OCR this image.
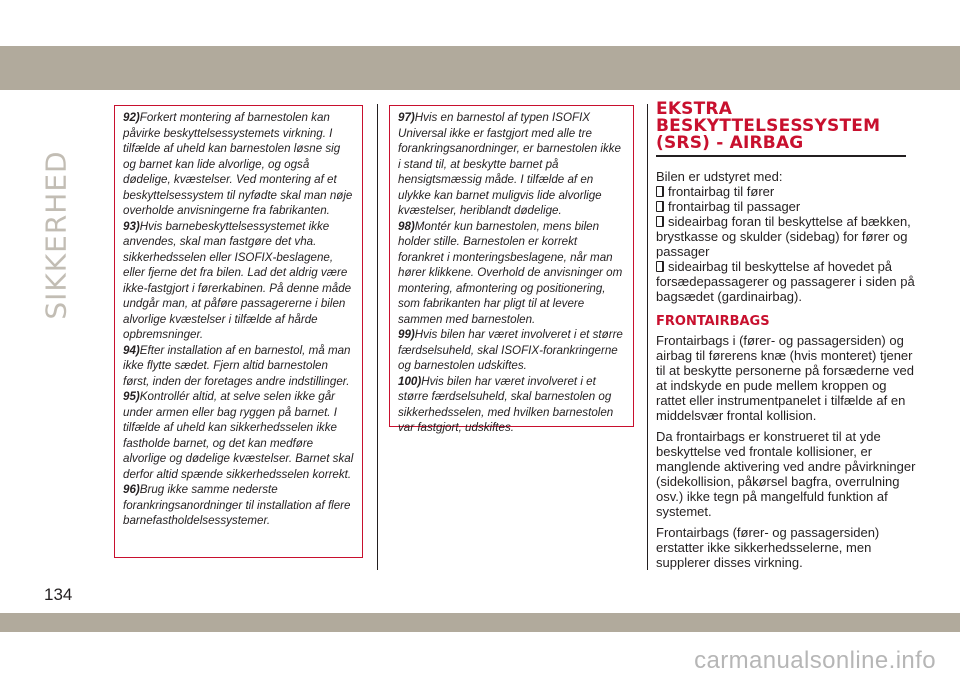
SIKKERHED

92)Forkert montering af barnestolen kan påvirke beskyttelsessystemets virkning. I tilfælde af uheld kan barnestolen løsne sig og barnet kan lide alvorlige, og også dødelige, kvæstelser. Ved montering af et beskyttelsessystem til nyfødte skal man nøje overholde anvisningerne fra fabrikanten.

93)Hvis barnebeskyttelsessystemet ikke anvendes, skal man fastgøre det vha. sikkerhedsselen eller ISOFIX-beslagene, eller fjerne det fra bilen. Lad det aldrig være ikke-fastgjort i førerkabinen. På denne måde undgår man, at påføre passagererne i bilen alvorlige kvæstelser i tilfælde af hårde opbremsninger.

94)Efter installation af en barnestol, må man ikke flytte sædet. Fjern altid barnestolen først, inden der foretages andre indstillinger.

95)Kontrollér altid, at selve selen ikke går under armen eller bag ryggen på barnet. I tilfælde af uheld kan sikkerhedsselen ikke fastholde barnet, og det kan medføre alvorlige og dødelige kvæstelser. Barnet skal derfor altid spænde sikkerhedsselen korrekt.

96)Brug ikke samme nederste forankringsanordninger til installation af flere barnefastholdelsessystemer.

97)Hvis en barnestol af typen ISOFIX Universal ikke er fastgjort med alle tre forankringsanordninger, er barnestolen ikke i stand til, at beskytte barnet på hensigtsmæssig måde. I tilfælde af en ulykke kan barnet muligvis lide alvorlige kvæstelser, heriblandt dødelige.

98)Montér kun barnestolen, mens bilen holder stille. Barnestolen er korrekt forankret i monteringsbeslagene, når man hører klikkene. Overhold de anvisninger om montering, afmontering og positionering, som fabrikanten har pligt til at levere sammen med barnestolen.

99)Hvis bilen har været involveret i et større færdselsuheld, skal ISOFIX-forankringerne og barnestolen udskiftes.

100)Hvis bilen har været involveret i et større færdselsuheld, skal barnestolen og sikkerhedsselen, med hvilken barnestolen var fastgjort, udskiftes.

EKSTRA
BESKYTTELSESSYSTEM
(SRS) - AIRBAG
Bilen er udstyret med:
frontairbag til fører
frontairbag til passager
sideairbag foran til beskyttelse af bækken, brystkasse og skulder (sidebag) for fører og passager
sideairbag til beskyttelse af hovedet på forsædepassagerer og passagerer i siden på bagsædet (gardinairbag).
FRONTAIRBAGS

Frontairbags i (fører- og passagersiden) og airbag til førerens knæ (hvis monteret) tjener til at beskytte personerne på forsæderne ved at indskyde en pude mellem kroppen og rattet eller instrumentpanelet i tilfælde af en middelsvær frontal kollision.

Da frontairbags er konstrueret til at yde beskyttelse ved frontale kollisioner, er manglende aktivering ved andre påvirkninger (sidekollision, påkørsel bagfra, overrulning osv.) ikke tegn på mangelfuld funktion af systemet.

Frontairbags (fører- og passagersiden) erstatter ikke sikkerhedsselerne, men supplerer disses virkning.

134
carmanualsonline.info
